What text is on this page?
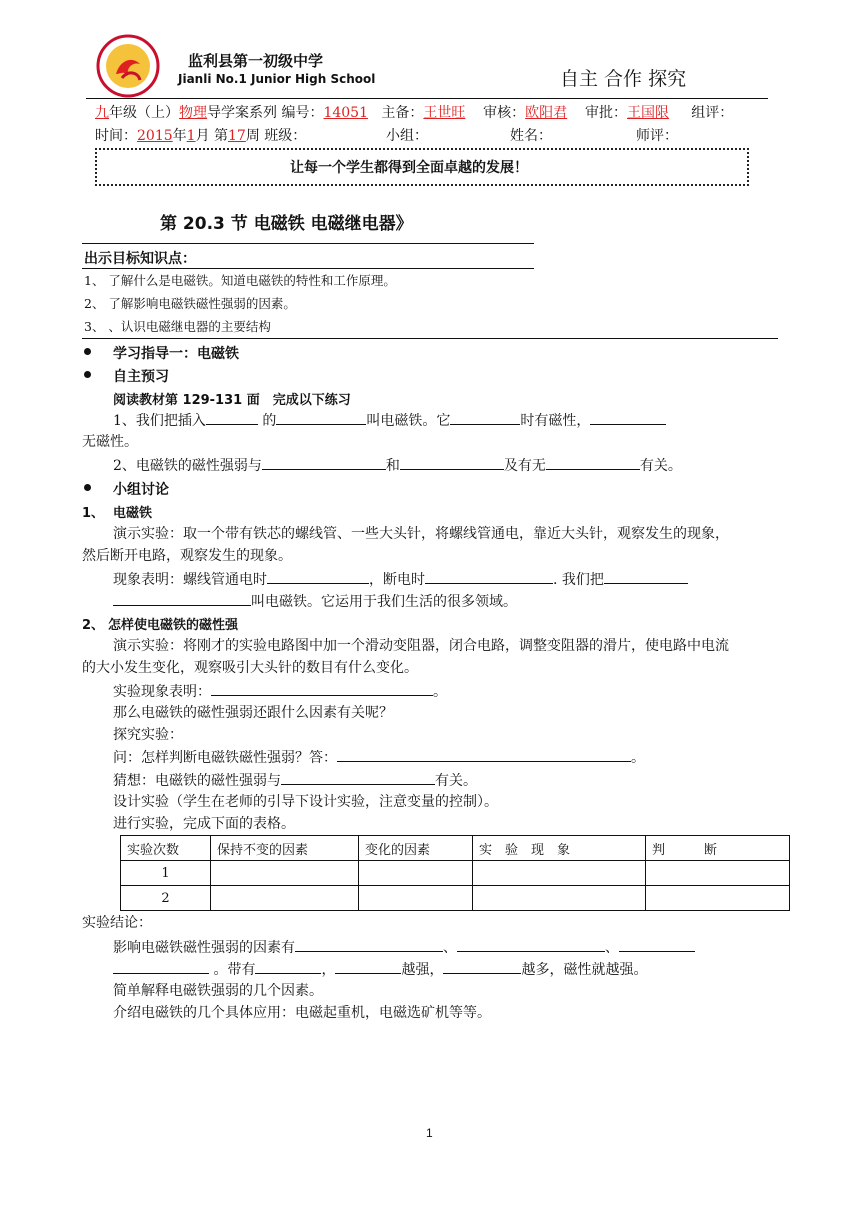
监利县第一初级中学
Jianli No.1 Junior High School	自主 合作 探究
九年级（上）物理导学案系列 编号：14051 主备：王世旺 审核：欧阳君 审批：王国限 组评：
时间：2015年1月 第17周 班级：	小组：	姓名：	师评：
让每一个学生都得到全面卓越的发展！
第 20.3 节 电磁铁 电磁继电器》
出示目标知识点：
1、 了解什么是电磁铁。知道电磁铁的特性和工作原理。
2、 了解影响电磁铁磁性强弱的因素。
3、 、认识电磁继电器的主要结构
学习指导一：电磁铁
自主预习
阅读教材第 129-131 面　完成以下练习
1、我们把插入	的	叫电磁铁。它	时有磁性，
无磁性。
2、电磁铁的磁性强弱与	和	及有无	有关。
小组讨论
1、 电磁铁
演示实验：取一个带有铁芯的螺线管、一些大头针，将螺线管通电，靠近大头针，观察发生的现象，
然后断开电路，观察发生的现象。
现象表明：螺线管通电时	，断电时	. 我们把
叫电磁铁。它运用于我们生活的很多领域。
2、 怎样使电磁铁的磁性强
演示实验：将刚才的实验电路图中加一个滑动变阻器，闭合电路，调整变阻器的滑片，使电路中电流
的大小发生变化，观察吸引大头针的数目有什么变化。
实验现象表明：	。
那么电磁铁的磁性强弱还跟什么因素有关呢？
探究实验：
问：怎样判断电磁铁磁性强弱？答：	。
猜想：电磁铁的磁性强弱与	有关。
设计实验（学生在老师的引导下设计实验，注意变量的控制）。
进行实验，完成下面的表格。
实验次数	保持不变的因素	变化的因素	实　验　现　象	判　　　断
1				
2				
实验结论：
影响电磁铁磁性强弱的因素有	、	、
。带有	，	越强，	越多，磁性就越强。
简单解释电磁铁强弱的几个因素。
介绍电磁铁的几个具体应用：电磁起重机，电磁选矿机等等。
1
